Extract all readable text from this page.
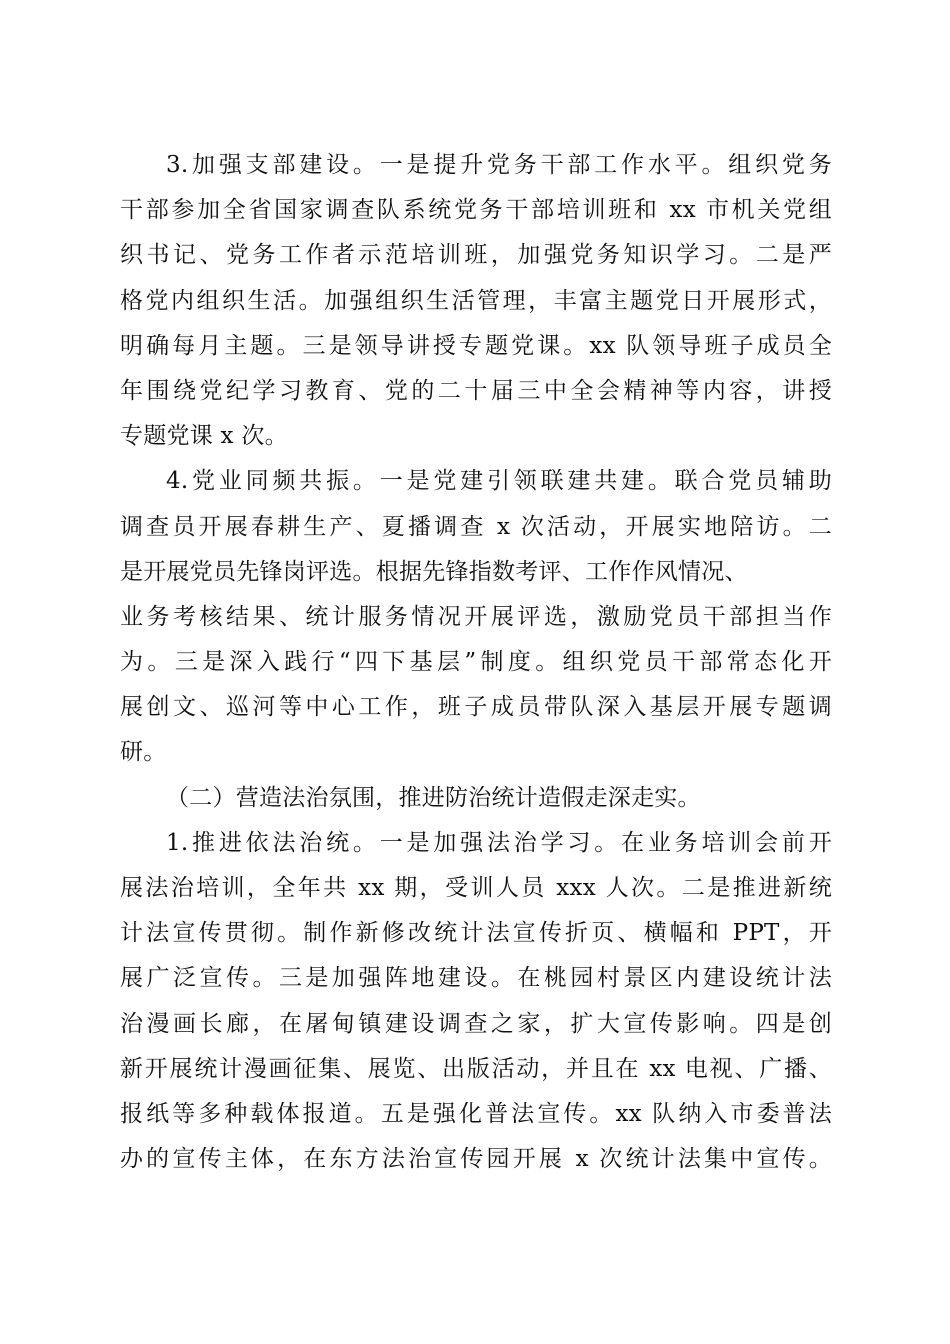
3.加强支部建设。一是提升党务干部工作水平。组织党务
干部参加全省国家调查队系统党务干部培训班和 xx 市机关党组
织书记、党务工作者示范培训班，加强党务知识学习。二是严
格党内组织生活。加强组织生活管理，丰富主题党日开展形式，
明确每月主题。三是领导讲授专题党课。xx 队领导班子成员全
年围绕党纪学习教育、党的二十届三中全会精神等内容，讲授
专题党课 x 次。
4.党业同频共振。一是党建引领联建共建。联合党员辅助
调查员开展春耕生产、夏播调查 x 次活动，开展实地陪访。二
是开展党员先锋岗评选。根据先锋指数考评、工作作风情况、
业务考核结果、统计服务情况开展评选，激励党员干部担当作
为。三是深入践行“四下基层”制度。组织党员干部常态化开
展创文、巡河等中心工作，班子成员带队深入基层开展专题调
研。
（二）营造法治氛围，推进防治统计造假走深走实。
1.推进依法治统。一是加强法治学习。在业务培训会前开
展法治培训，全年共 xx 期，受训人员 xxx 人次。二是推进新统
计法宣传贯彻。制作新修改统计法宣传折页、横幅和 PPT，开
展广泛宣传。三是加强阵地建设。在桃园村景区内建设统计法
治漫画长廊，在屠甸镇建设调查之家，扩大宣传影响。四是创
新开展统计漫画征集、展览、出版活动，并且在 xx 电视、广播、
报纸等多种载体报道。五是强化普法宣传。xx 队纳入市委普法
办的宣传主体，在东方法治宣传园开展 x 次统计法集中宣传。
